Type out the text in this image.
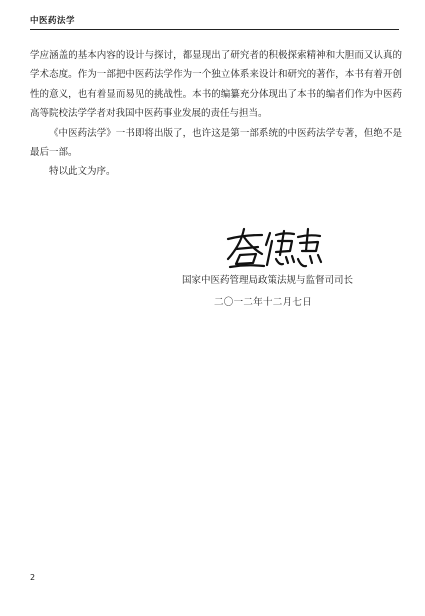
中医药法学

学应涵盖的基本内容的设计与探讨，都显现出了研究者的积极探索精神和大胆而又认真的学术态度。作为一部把中医药法学作为一个独立体系来设计和研究的著作，本书有着开创性的意义，也有着显而易见的挑战性。本书的编纂充分体现出了本书的编者们作为中医药高等院校法学学者对我国中医药事业发展的责任与担当。

《中医药法学》一书即将出版了，也许这是第一部系统的中医药法学专著，但绝不是最后一部。

特以此文为序。

国家中医药管理局政策法规与监督司司长
二〇一二年十二月七日
2
